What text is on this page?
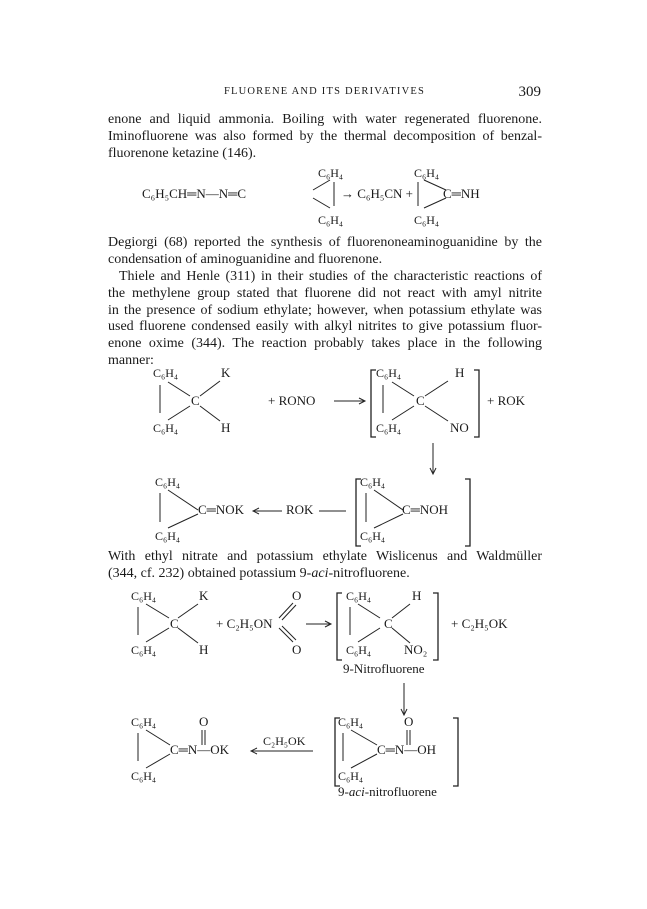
FLUORENE AND ITS DERIVATIVES	309
enone and liquid ammonia. Boiling with water regenerated fluorenone.
Iminofluorene was also formed by the thermal decomposition of benzal-
fluorenone ketazine (146).
C₆H₄
C₆H₅CH═N—N═C
C₆H₄
→ C₆H₅CN +
C₆H₄
C═NH
C₆H₄
Degiorgi (68) reported the synthesis of fluorenoneaminoguanidine by the
condensation of aminoguanidine and fluorenone.
Thiele and Henle (311) in their studies of the characteristic reactions of
the methylene group stated that fluorene did not react with amyl nitrite
in the presence of sodium ethylate; however, when potassium ethylate was
used fluorene condensed easily with alkyl nitrites to give potassium fluor-
enone oxime (344). The reaction probably takes place in the following
manner:
C₆H₄	K
C
C₆H₄	H
+ RONO
C₆H₄	H
C
C₆H₄	NO
+ ROK
C₆H₄
C═NOK
C₆H₄
ROK
C₆H₄
C═NOH
C₆H₄
With ethyl nitrate and potassium ethylate Wislicenus and Waldmüller
(344, cf. 232) obtained potassium 9-aci-nitrofluorene.
C₆H₄	K
C
C₆H₄	H
+ C₂H₅ON
O
O
C₆H₄	H
C
C₆H₄	NO₂
+ C₂H₅OK
9-Nitrofluorene
C₆H₄	O
C═N—OK
C₆H₄
C₂H₅OK
C₆H₄	O
C═N—OH
C₆H₄
9-aci-nitrofluorene
